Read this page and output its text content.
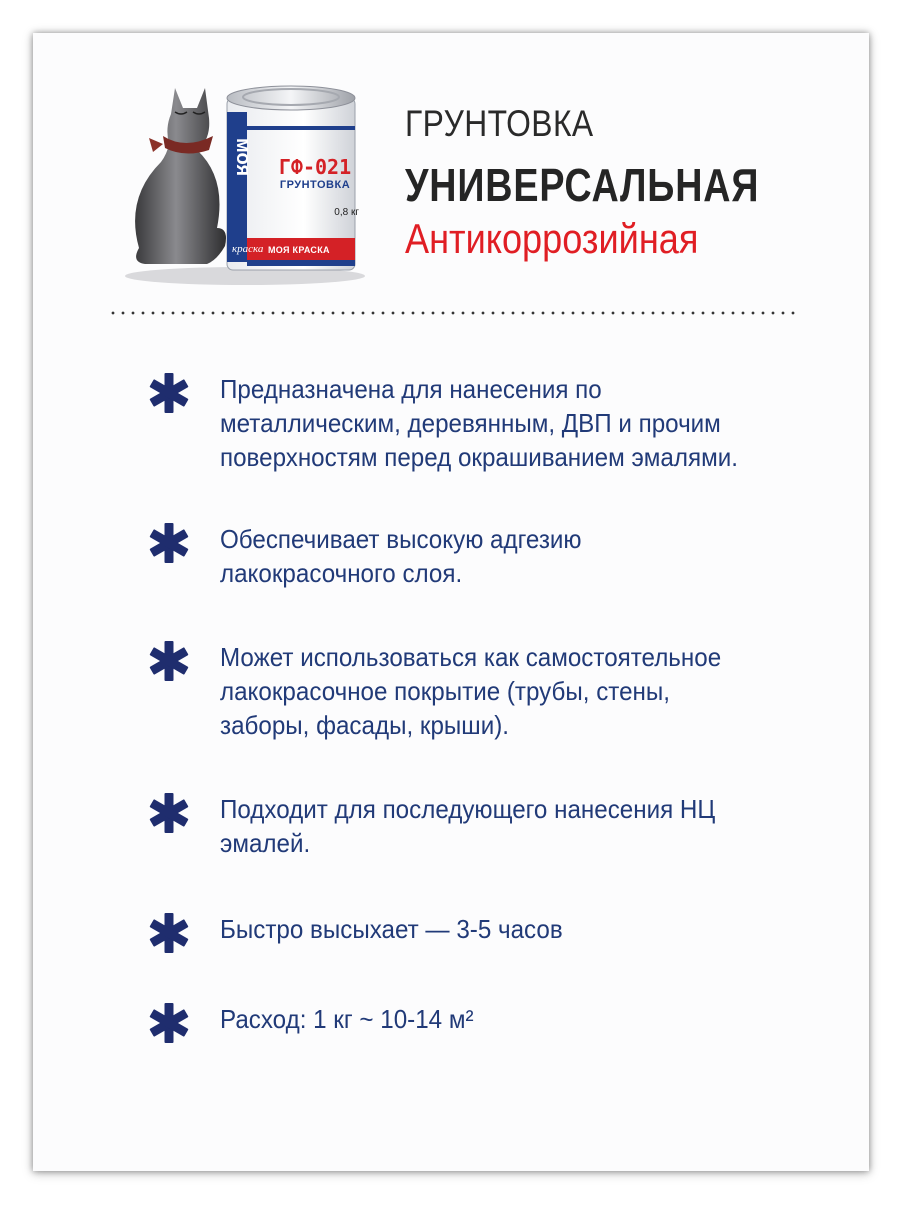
моя	ГФ-021
ГРУНТОВКА
0,8 кг
краска МОЯ КРАСКА
ГРУНТОВКА
УНИВЕРСАЛЬНАЯ
Антикоррозийная
Предназначена для нанесения по
металлическим, деревянным, ДВП и прочим
поверхностям перед окрашиванием эмалями.
Обеспечивает высокую адгезию
лакокрасочного слоя.
Может использоваться как самостоятельное
лакокрасочное покрытие (трубы, стены,
заборы, фасады, крыши).
Подходит для последующего нанесения НЦ
эмалей.
Быстро высыхает — 3-5 часов
Расход: 1 кг ~ 10-14 м²
